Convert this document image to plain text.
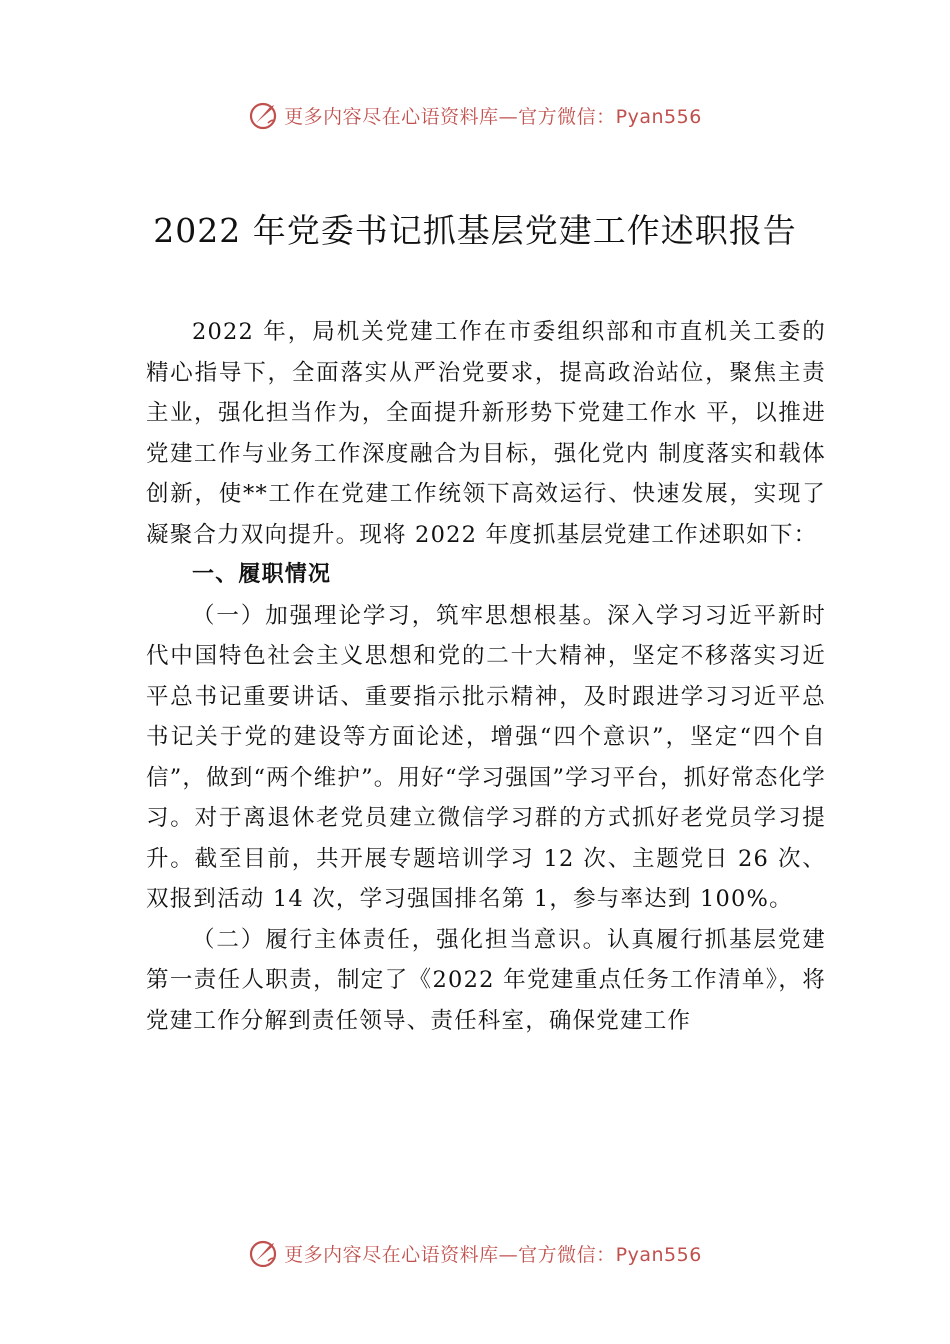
更多内容尽在心语资料库—官方微信：Pyan556
2022 年党委书记抓基层党建工作述职报告

2022 年，局机关党建工作在市委组织部和市直机关工委的精心指导下，全面落实从严治党要求，提高政治站位，聚焦主责主业，强化担当作为，全面提升新形势下党建工作水 平，以推进党建工作与业务工作深度融合为目标，强化党内 制度落实和载体创新，使**工作在党建工作统领下高效运行、快速发展，实现了凝聚合力双向提升。现将 2022 年度抓基层党建工作述职如下：

一、履职情况

（一）加强理论学习，筑牢思想根基。深入学习习近平新时代中国特色社会主义思想和党的二十大精神，坚定不移落实习近平总书记重要讲话、重要指示批示精神，及时跟进学习习近平总书记关于党的建设等方面论述，增强“四个意识”，坚定“四个自信”，做到“两个维护”。用好“学习强国”学习平台，抓好常态化学习。对于离退休老党员建立微信学习群的方式抓好老党员学习提升。截至目前，共开展专题培训学习 12 次、主题党日 26 次、双报到活动 14 次，学习强国排名第 1，参与率达到 100%。

（二）履行主体责任，强化担当意识。认真履行抓基层党建第一责任人职责，制定了《2022 年党建重点任务工作清单》，将党建工作分解到责任领导、责任科室，确保党建工作

更多内容尽在心语资料库—官方微信：Pyan556
